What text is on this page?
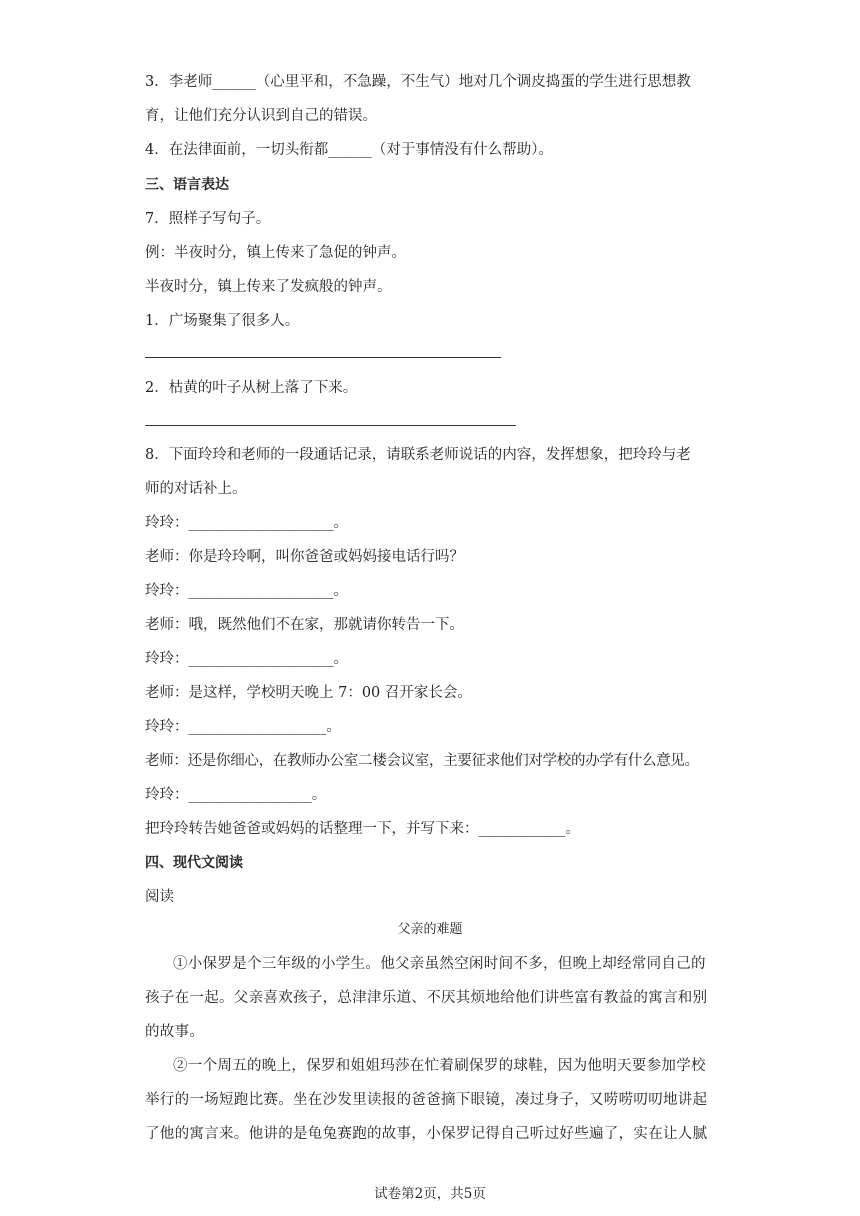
3．李老师______（心里平和，不急躁，不生气）地对几个调皮捣蛋的学生进行思想教
育，让他们充分认识到自己的错误。
4．在法律面前，一切头衔都______（对于事情没有什么帮助）。
三、语言表达
7．照样子写句子。
例：半夜时分，镇上传来了急促的钟声。
半夜时分，镇上传来了发疯般的钟声。
1．广场聚集了很多人。
2．枯黄的叶子从树上落了下来。
8．下面玲玲和老师的一段通话记录，请联系老师说话的内容，发挥想象，把玲玲与老
师的对话补上。
玲玲：____________________。
老师：你是玲玲啊，叫你爸爸或妈妈接电话行吗？
玲玲：____________________。
老师：哦，既然他们不在家，那就请你转告一下。
玲玲：____________________。
老师：是这样，学校明天晚上 7：00 召开家长会。
玲玲：___________________。
老师：还是你细心，在教师办公室二楼会议室，主要征求他们对学校的办学有什么意见。
玲玲：_________________。
把玲玲转告她爸爸或妈妈的话整理一下，并写下来：____________。
四、现代文阅读
阅读
父亲的难题
①小保罗是个三年级的小学生。他父亲虽然空闲时间不多，但晚上却经常同自己的
孩子在一起。父亲喜欢孩子，总津津乐道、不厌其烦地给他们讲些富有教益的寓言和别
的故事。
②一个周五的晚上，保罗和姐姐玛莎在忙着刷保罗的球鞋，因为他明天要参加学校
举行的一场短跑比赛。坐在沙发里读报的爸爸摘下眼镜，凑过身子，又唠唠叨叨地讲起
了他的寓言来。他讲的是龟兔赛跑的故事，小保罗记得自己听过好些遍了，实在让人腻
试卷第2页，共5页
